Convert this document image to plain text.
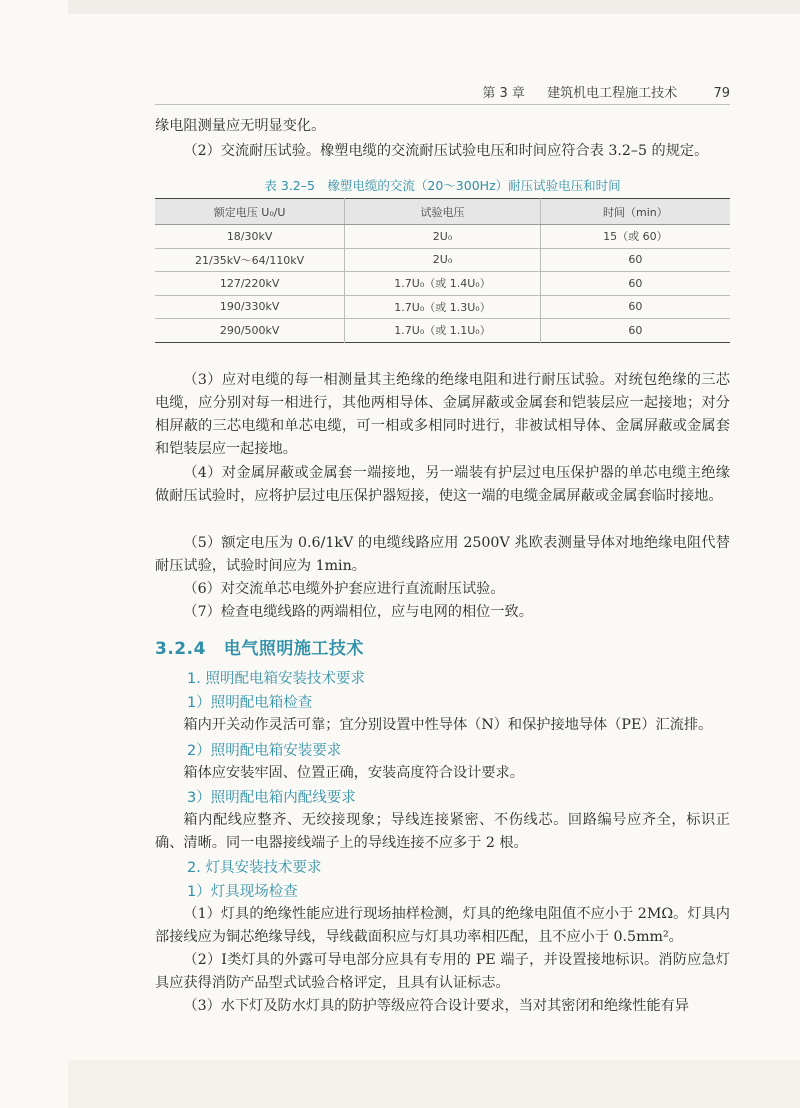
第 3 章 建筑机电工程施工技术	79
缘电阻测量应无明显变化。
（2）交流耐压试验。橡塑电缆的交流耐压试验电压和时间应符合表 3.2–5 的规定。
表 3.2–5　橡塑电缆的交流（20～300Hz）耐压试验电压和时间
额定电压 U₀/U	试验电压	时间（min）
18/30kV	2U₀	15（或 60）
21/35kV～64/110kV	2U₀	60
127/220kV	1.7U₀（或 1.4U₀）	60
190/330kV	1.7U₀（或 1.3U₀）	60
290/500kV	1.7U₀（或 1.1U₀）	60
（3）应对电缆的每一相测量其主绝缘的绝缘电阻和进行耐压试验。对统包绝缘的三芯电缆，应分别对每一相进行，其他两相导体、金属屏蔽或金属套和铠装层应一起接地；对分相屏蔽的三芯电缆和单芯电缆，可一相或多相同时进行，非被试相导体、金属屏蔽或金属套和铠装层应一起接地。
（4）对金属屏蔽或金属套一端接地，另一端装有护层过电压保护器的单芯电缆主绝缘做耐压试验时，应将护层过电压保护器短接，使这一端的电缆金属屏蔽或金属套临时接地。
（5）额定电压为 0.6/1kV 的电缆线路应用 2500V 兆欧表测量导体对地绝缘电阻代替耐压试验，试验时间应为 1min。
（6）对交流单芯电缆外护套应进行直流耐压试验。
（7）检查电缆线路的两端相位，应与电网的相位一致。
3.2.4 电气照明施工技术
1. 照明配电箱安装技术要求
1）照明配电箱检查
箱内开关动作灵活可靠；宜分别设置中性导体（N）和保护接地导体（PE）汇流排。
2）照明配电箱安装要求
箱体应安装牢固、位置正确，安装高度符合设计要求。
3）照明配电箱内配线要求
箱内配线应整齐、无绞接现象；导线连接紧密、不伤线芯。回路编号应齐全，标识正确、清晰。同一电器接线端子上的导线连接不应多于 2 根。
2. 灯具安装技术要求
1）灯具现场检查
（1）灯具的绝缘性能应进行现场抽样检测，灯具的绝缘电阻值不应小于 2MΩ。灯具内部接线应为铜芯绝缘导线，导线截面积应与灯具功率相匹配，且不应小于 0.5mm²。
（2）Ⅰ类灯具的外露可导电部分应具有专用的 PE 端子，并设置接地标识。消防应急灯具应获得消防产品型式试验合格评定，且具有认证标志。
（3）水下灯及防水灯具的防护等级应符合设计要求，当对其密闭和绝缘性能有异
